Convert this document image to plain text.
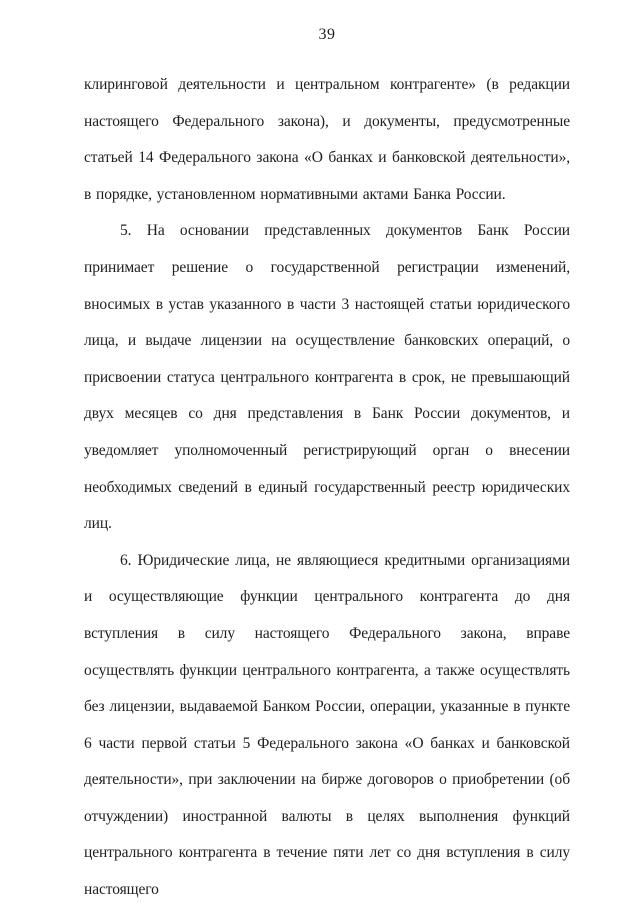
39

клиринговой деятельности и центральном контрагенте» (в редакции настоящего Федерального закона), и документы, предусмотренные статьей 14 Федерального закона «О банках и банковской деятельности», в порядке, установленном нормативными актами Банка России.

5. На основании представленных документов Банк России принимает решение о государственной регистрации изменений, вносимых в устав указанного в части 3 настоящей статьи юридического лица, и выдаче лицензии на осуществление банковских операций, о присвоении статуса центрального контрагента в срок, не превышающий двух месяцев со дня представления в Банк России документов, и уведомляет уполномоченный регистрирующий орган о внесении необходимых сведений в единый государственный реестр юридических лиц.

6. Юридические лица, не являющиеся кредитными организациями и осуществляющие функции центрального контрагента до дня вступления в силу настоящего Федерального закона, вправе осуществлять функции центрального контрагента, а также осуществлять без лицензии, выдаваемой Банком России, операции, указанные в пункте 6 части первой статьи 5 Федерального закона «О банках и банковской деятельности», при заключении на бирже договоров о приобретении (об отчуждении) иностранной валюты в целях выполнения функций центрального контрагента в течение пяти лет со дня вступления в силу настоящего
